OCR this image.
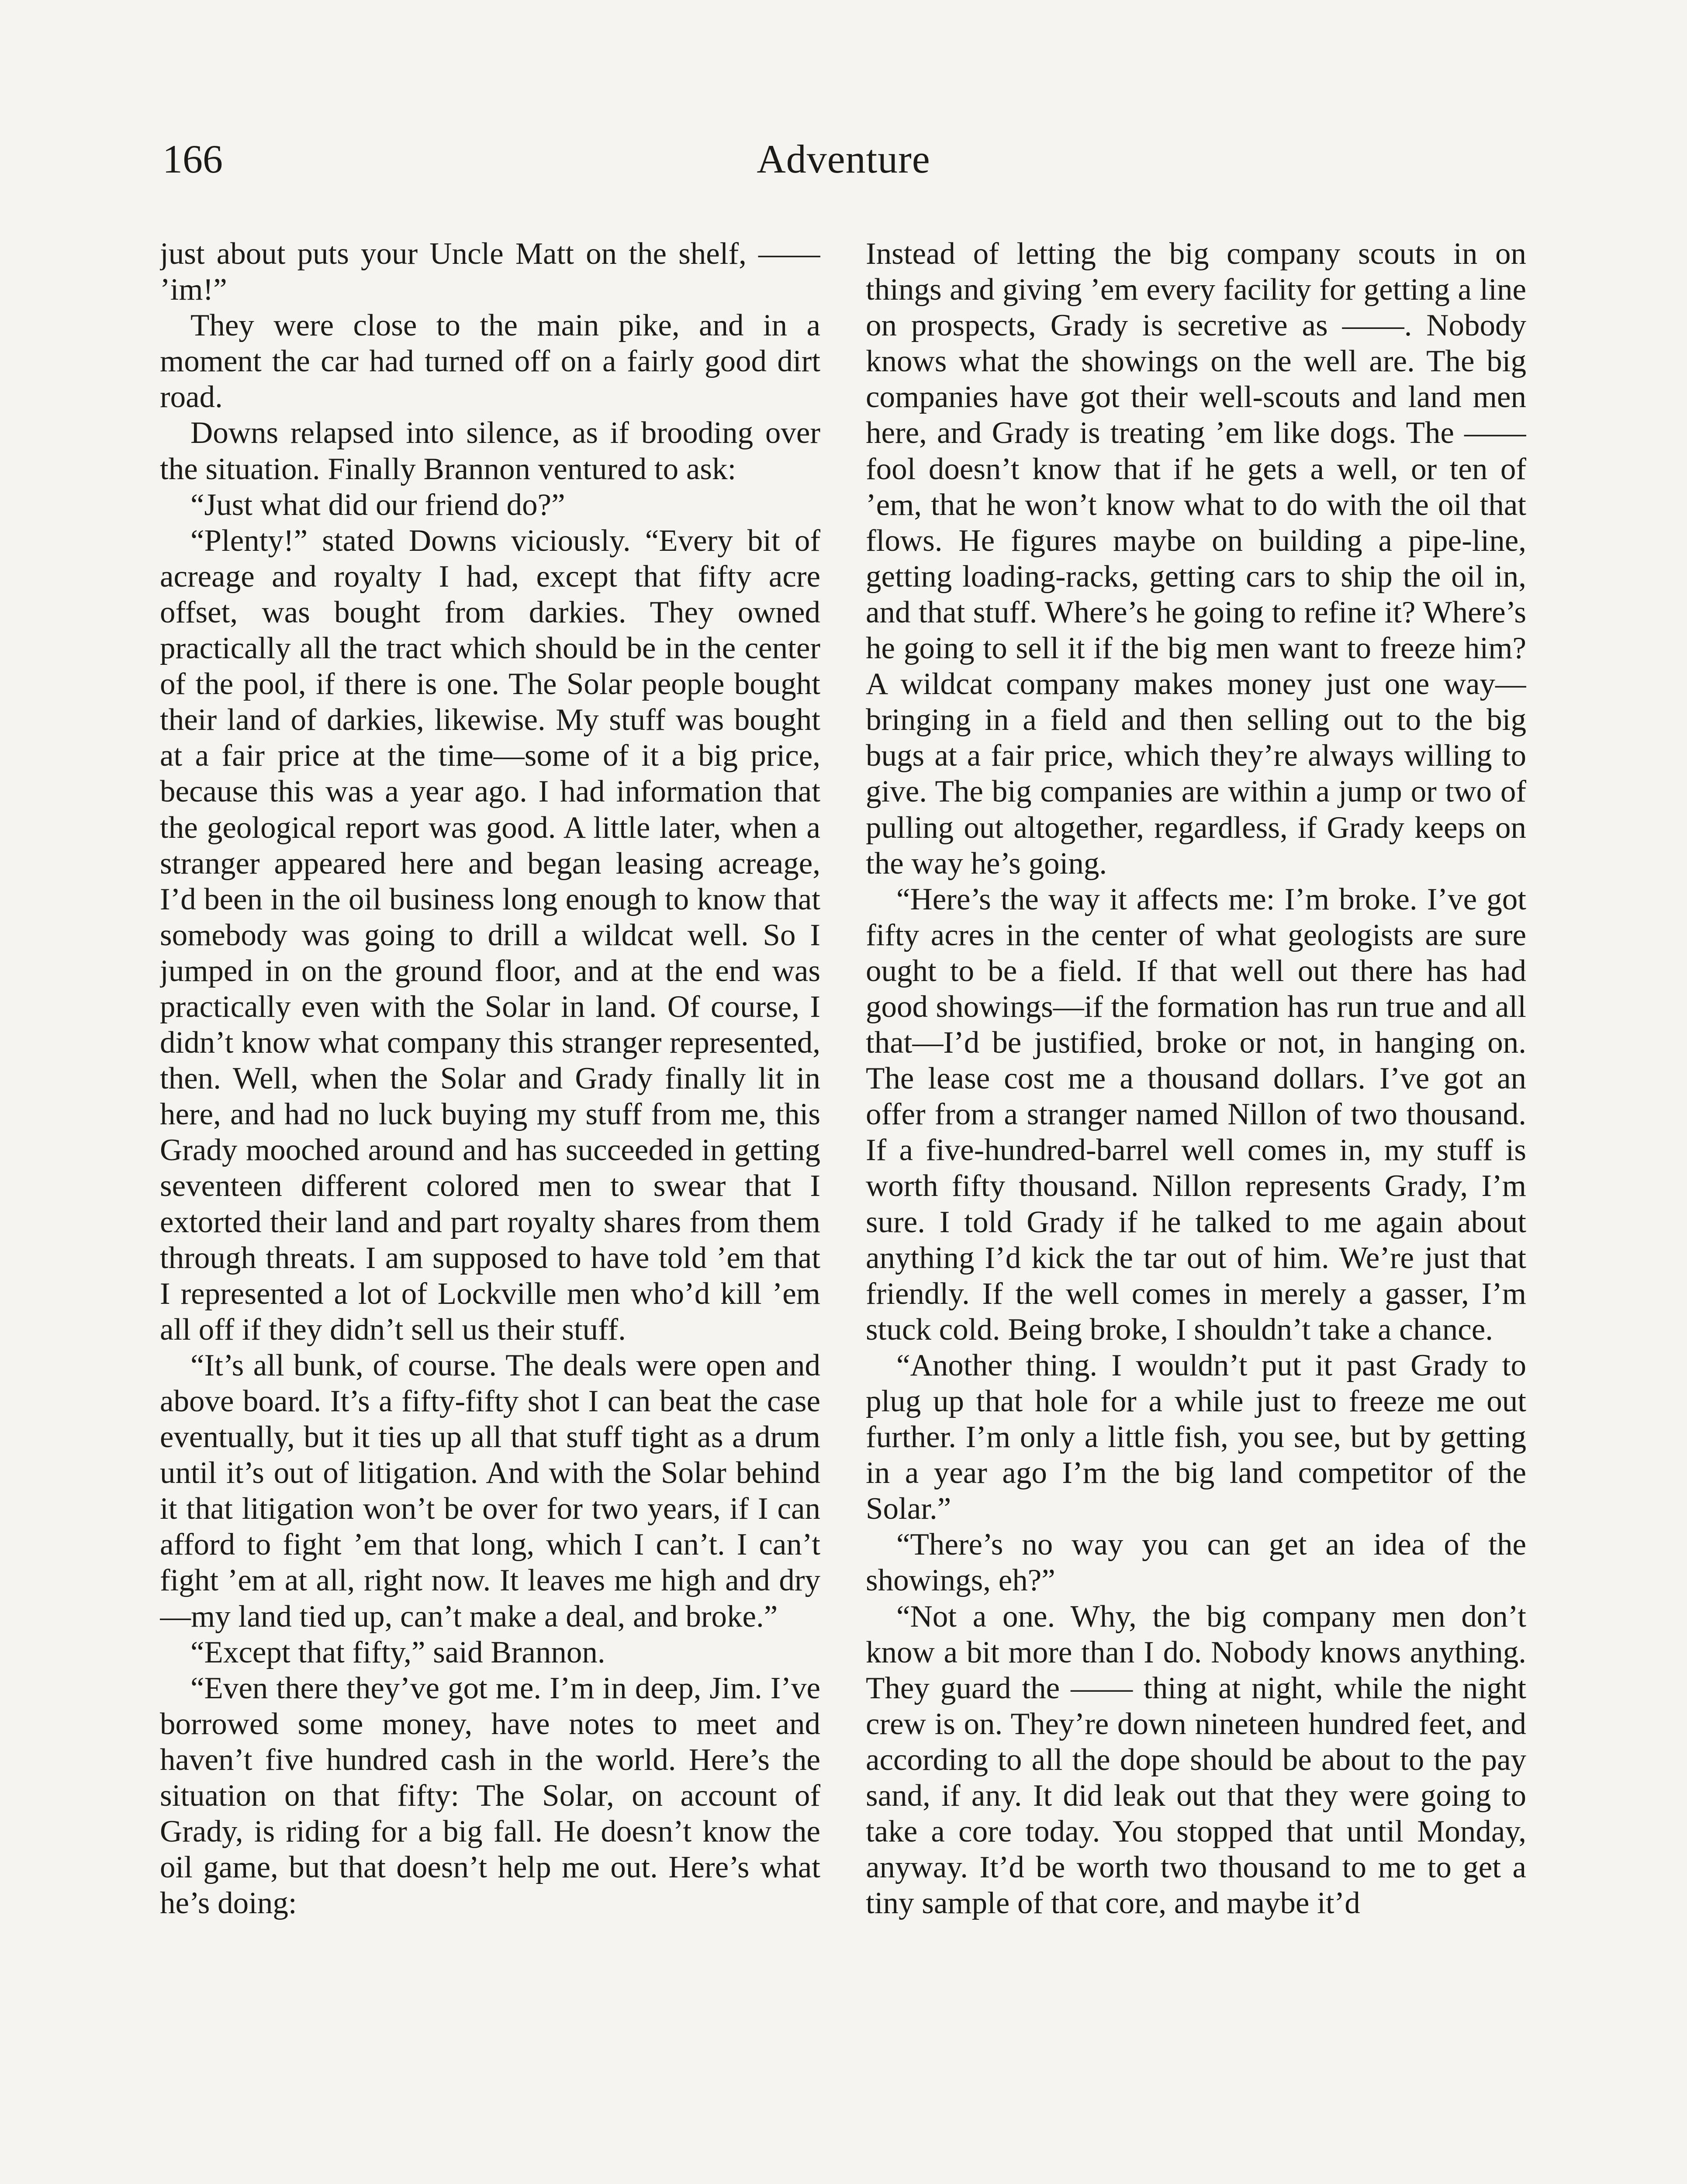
166	Adventure

just about puts your Uncle Matt on the shelf, —— ’im!”

They were close to the main pike, and in a moment the car had turned off on a fairly good dirt road.

Downs relapsed into silence, as if brooding over the situation. Finally Brannon ventured to ask:

“Just what did our friend do?”

“Plenty!” stated Downs viciously. “Every bit of acreage and royalty I had, except that fifty acre offset, was bought from darkies. They owned practically all the tract which should be in the center of the pool, if there is one. The Solar people bought their land of darkies, likewise. My stuff was bought at a fair price at the time—some of it a big price, because this was a year ago. I had information that the geological report was good. A little later, when a stranger appeared here and began leasing acreage, I’d been in the oil business long enough to know that somebody was going to drill a wildcat well. So I jumped in on the ground floor, and at the end was practically even with the Solar in land. Of course, I didn’t know what company this stranger represented, then. Well, when the Solar and Grady finally lit in here, and had no luck buying my stuff from me, this Grady mooched around and has succeeded in getting seventeen different colored men to swear that I extorted their land and part royalty shares from them through threats. I am supposed to have told ’em that I represented a lot of Lockville men who’d kill ’em all off if they didn’t sell us their stuff.

“It’s all bunk, of course. The deals were open and above board. It’s a fifty-fifty shot I can beat the case eventually, but it ties up all that stuff tight as a drum until it’s out of litigation. And with the Solar behind it that litigation won’t be over for two years, if I can afford to fight ’em that long, which I can’t. I can’t fight ’em at all, right now. It leaves me high and dry—my land tied up, can’t make a deal, and broke.”

“Except that fifty,” said Brannon.

“Even there they’ve got me. I’m in deep, Jim. I’ve borrowed some money, have notes to meet and haven’t five hundred cash in the world. Here’s the situation on that fifty: The Solar, on account of Grady, is riding for a big fall. He doesn’t know the oil game, but that doesn’t help me out. Here’s what he’s doing:

Instead of letting the big company scouts in on things and giving ’em every facility for getting a line on prospects, Grady is secretive as ——. Nobody knows what the showings on the well are. The big companies have got their well-scouts and land men here, and Grady is treating ’em like dogs. The —— fool doesn’t know that if he gets a well, or ten of ’em, that he won’t know what to do with the oil that flows. He figures maybe on building a pipe-line, getting loading-racks, getting cars to ship the oil in, and that stuff. Where’s he going to refine it? Where’s he going to sell it if the big men want to freeze him? A wildcat company makes money just one way—bringing in a field and then selling out to the big bugs at a fair price, which they’re always willing to give. The big companies are within a jump or two of pulling out altogether, regardless, if Grady keeps on the way he’s going.

“Here’s the way it affects me: I’m broke. I’ve got fifty acres in the center of what geologists are sure ought to be a field. If that well out there has had good showings—if the formation has run true and all that—I’d be justified, broke or not, in hanging on. The lease cost me a thousand dollars. I’ve got an offer from a stranger named Nillon of two thousand. If a five-hundred-barrel well comes in, my stuff is worth fifty thousand. Nillon represents Grady, I’m sure. I told Grady if he talked to me again about anything I’d kick the tar out of him. We’re just that friendly. If the well comes in merely a gasser, I’m stuck cold. Being broke, I shouldn’t take a chance.

“Another thing. I wouldn’t put it past Grady to plug up that hole for a while just to freeze me out further. I’m only a little fish, you see, but by getting in a year ago I’m the big land competitor of the Solar.”

“There’s no way you can get an idea of the showings, eh?”

“Not a one. Why, the big company men don’t know a bit more than I do. Nobody knows anything. They guard the —— thing at night, while the night crew is on. They’re down nineteen hundred feet, and according to all the dope should be about to the pay sand, if any. It did leak out that they were going to take a core today. You stopped that until Monday, anyway. It’d be worth two thousand to me to get a tiny sample of that core, and maybe it’d
